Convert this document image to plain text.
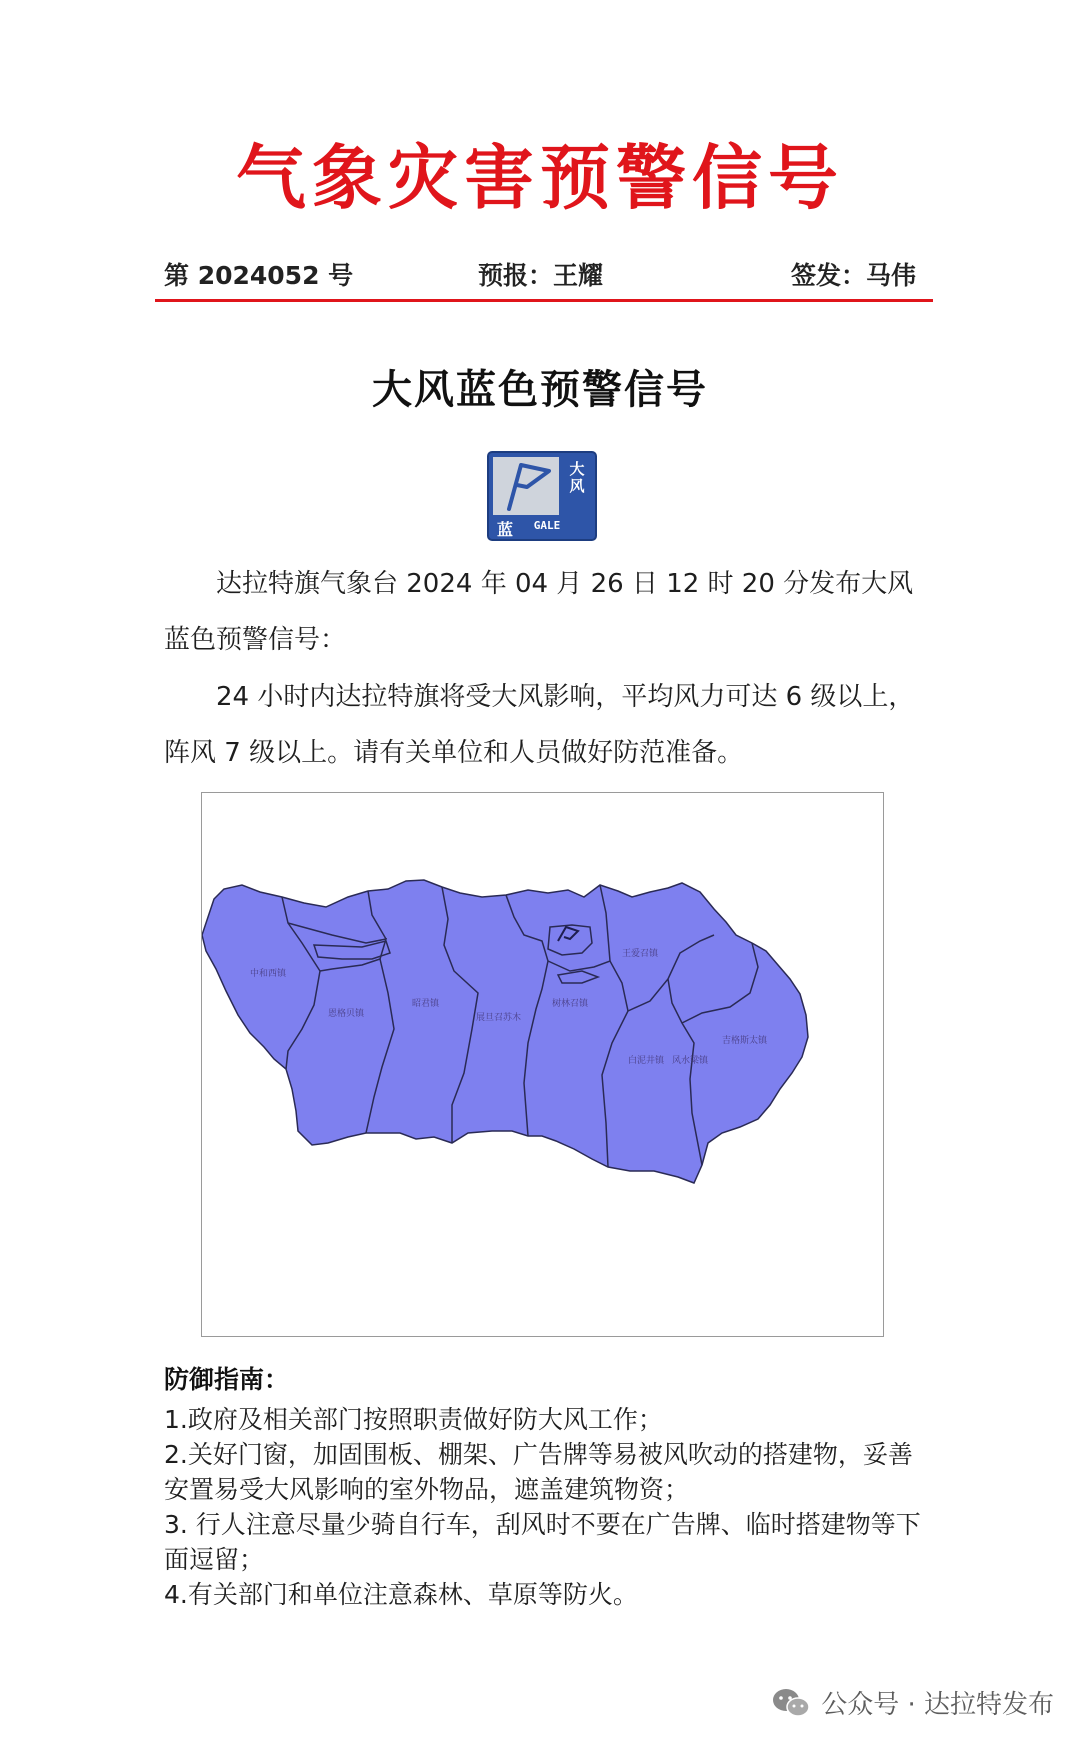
气象灾害预警信号
第 2024052 号	预报：王耀	签发：马伟
大风蓝色预警信号
蓝
大风
GALE
达拉特旗气象台 2024 年 04 月 26 日 12 时 20 分发布大风蓝色预警信号：
24 小时内达拉特旗将受大风影响，平均风力可达 6 级以上，阵风 7 级以上。请有关单位和人员做好防范准备。
中和西镇
恩格贝镇
昭君镇	树林召镇
王爱召镇
白泥井镇 风水梁镇
吉格斯太镇
展旦召苏木
防御指南：

1.政府及相关部门按照职责做好防大风工作；

2.关好门窗，加固围板、棚架、广告牌等易被风吹动的搭建物，妥善安置易受大风影响的室外物品，遮盖建筑物资；

3. 行人注意尽量少骑自行车，刮风时不要在广告牌、临时搭建物等下面逗留；

4.有关部门和单位注意森林、草原等防火。

公众号 · 达拉特发布
